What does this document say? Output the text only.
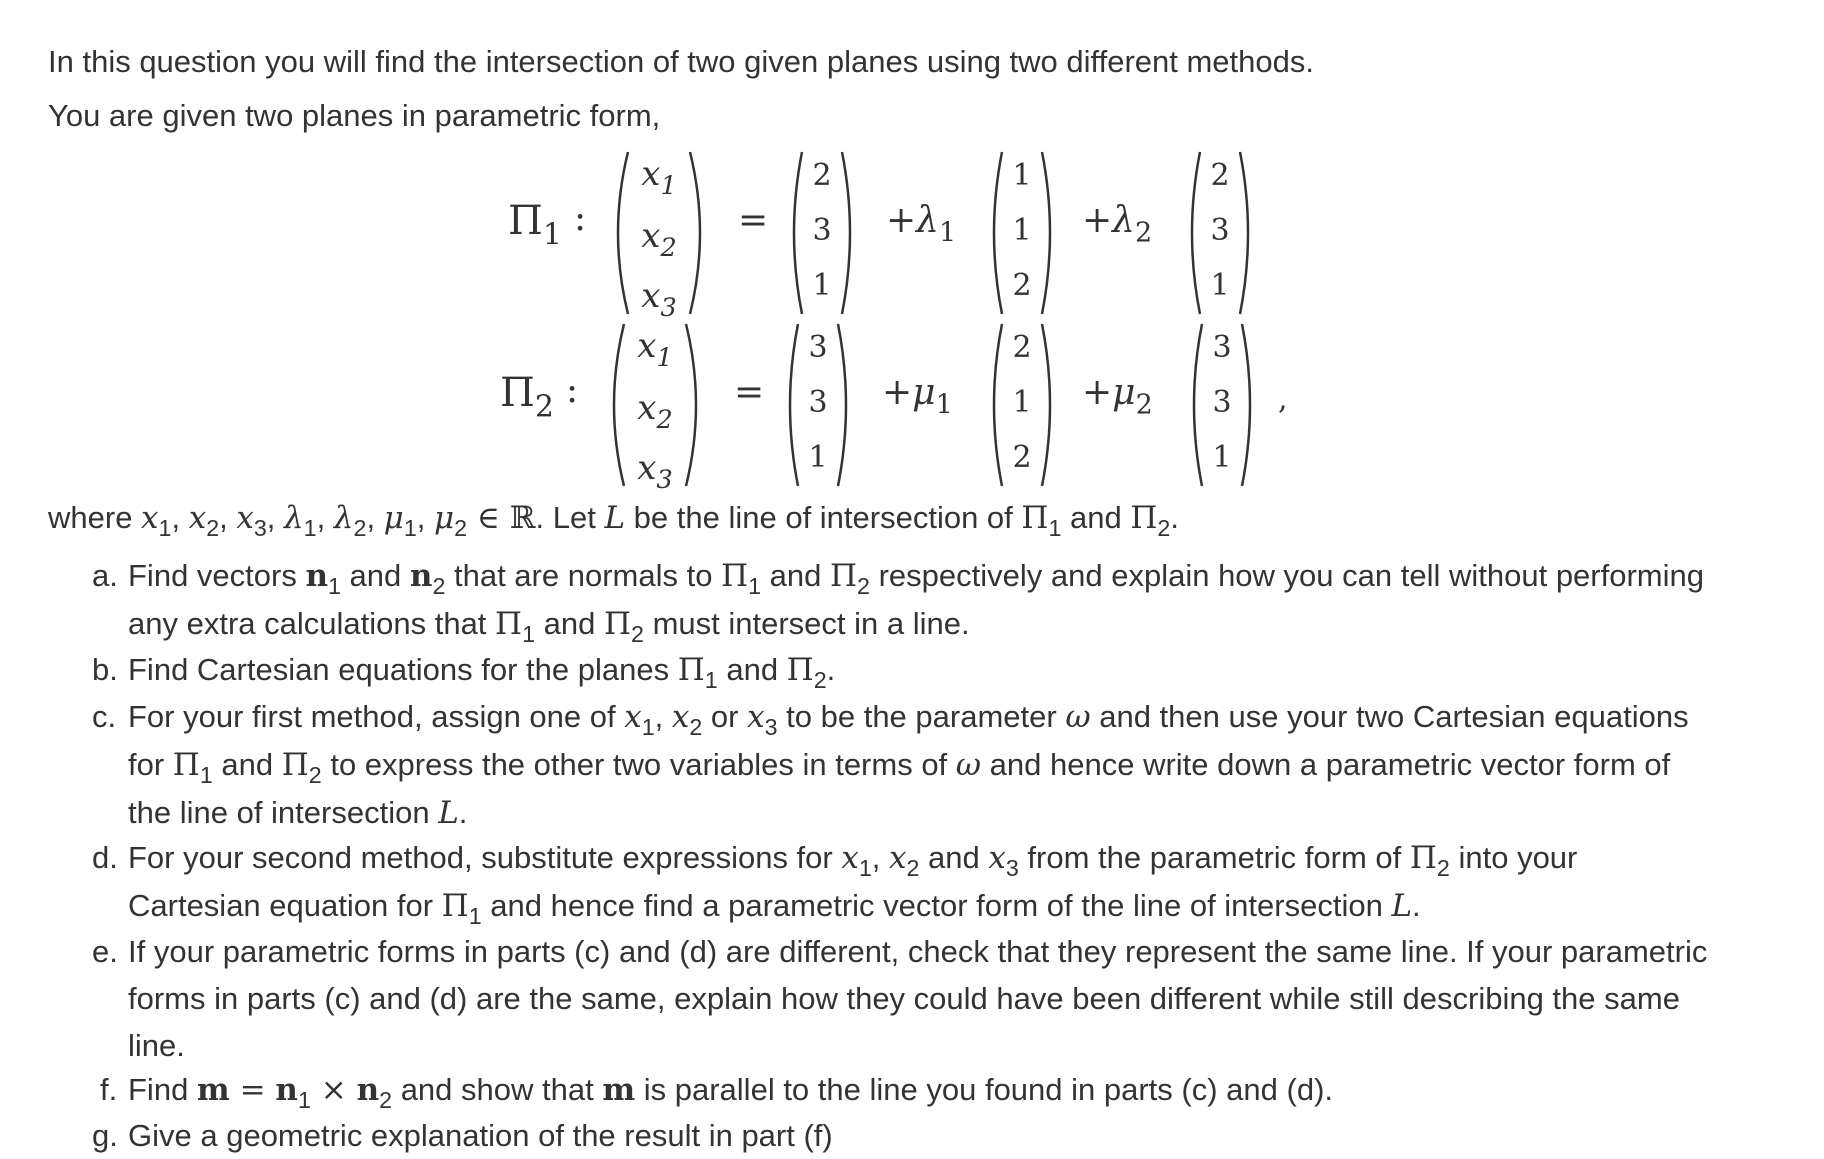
In this question you will find the intersection of two given planes using two different methods.
You are given two planes in parametric form,
$\Pi_1$ :
$x_1$
$x_2$
$x_3$
=
2
3
1
$+\lambda_1$
1
1
2
$+\lambda_2$
2
3
1
$\Pi_2$ :
$x_1$
$x_2$
$x_3$
=
3
3
1
$+\mu_1$
2
1
2
$+\mu_2$
3
3
1
,
where $x_1$, $x_2$, $x_3$, $\lambda_1$, $\lambda_2$, $\mu_1$, $\mu_2$ ∈ ℝ. Let L be the line of intersection of $\Pi_1$ and $\Pi_2$.
a. Find vectors $n_1$ and $n_2$ that are normals to $\Pi_1$ and $\Pi_2$ respectively and explain how you can tell without performing any extra calculations that $\Pi_1$ and $\Pi_2$ must intersect in a line.
b. Find Cartesian equations for the planes $\Pi_1$ and $\Pi_2$.
c. For your first method, assign one of $x_1$, $x_2$ or $x_3$ to be the parameter ω and then use your two Cartesian equations for $\Pi_1$ and $\Pi_2$ to express the other two variables in terms of ω and hence write down a parametric vector form of the line of intersection L.
d. For your second method, substitute expressions for $x_1$, $x_2$ and $x_3$ from the parametric form of $\Pi_2$ into your Cartesian equation for $\Pi_1$ and hence find a parametric vector form of the line of intersection L.
e. If your parametric forms in parts (c) and (d) are different, check that they represent the same line. If your parametric forms in parts (c) and (d) are the same, explain how they could have been different while still describing the same line.
f. Find $m = n_1 \times n_2$ and show that m is parallel to the line you found in parts (c) and (d).
g. Give a geometric explanation of the result in part (f)
